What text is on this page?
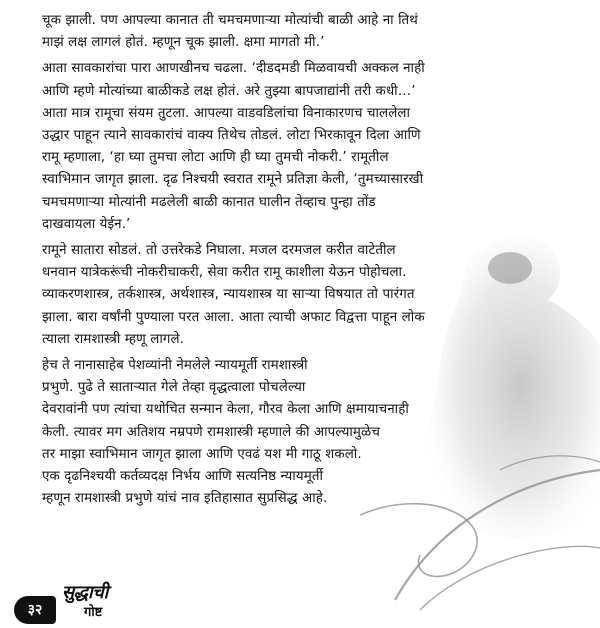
चूक झाली. पण आपल्या कानात ती चमचमणाऱ्या मोत्यांची बाळी आहे ना तिथं
माझं लक्ष लागलं होतं. म्हणून चूक झाली. क्षमा मागतो मी.’

आता सावकारांचा पारा आणखीनच चढला. ‘दीडदमडी मिळवायची अक्कल नाही
आणि म्हणे मोत्यांच्या बाळीकडे लक्ष होतं. अरे तुझ्या बापजाद्यांनी तरी कधी…’
आता मात्र रामूचा संयम तुटला. आपल्या वाडवडिलांचा विनाकारणच चाललेला
उद्धार पाहून त्याने सावकारांचं वाक्य तिथेच तोडलं. लोटा भिरकावून दिला आणि
रामू म्हणाला, ‘हा घ्या तुमचा लोटा आणि ही घ्या तुमची नोकरी.’ रामूतील
स्वाभिमान जागृत झाला. दृढ निश्चयी स्वरात रामूने प्रतिज्ञा केली, ‘तुमच्यासारखी
चमचमणाऱ्या मोत्यांनी मढलेली बाळी कानात घालीन तेव्हाच पुन्हा तोंड
दाखवायला येईन.’

रामूने सातारा सोडलं. तो उत्तरेकडे निघाला. मजल दरमजल करीत वाटेतील
धनवान यात्रेकरूंची नोकरीचाकरी, सेवा करीत रामू काशीला येऊन पोहोचला.
व्याकरणशास्त्र, तर्कशास्त्र, अर्थशास्त्र, न्यायशास्त्र या साऱ्या विषयात तो पारंगत
झाला. बारा वर्षांनी पुण्याला परत आला. आता त्याची अफाट विद्वत्ता पाहून लोक
त्याला रामशास्त्री म्हणू लागले.

हेच ते नानासाहेब पेशव्यांनी नेमलेले न्यायमूर्ती रामशास्त्री
प्रभुणे. पुढे ते साताऱ्यात गेले तेव्हा वृद्धत्वाला पोचलेल्या
देवरावांनी पण त्यांचा यथोचित सन्मान केला, गौरव केला आणि क्षमायाचनाही
केली. त्यावर मग अतिशय नम्रपणे रामशास्त्री म्हणाले की आपल्यामुळेच
तर माझा स्वाभिमान जागृत झाला आणि एवढं यश मी गाठू शकलो.
एक दृढनिश्चयी कर्तव्यदक्ष निर्भय आणि सत्यनिष्ठ न्यायमूर्ती
म्हणून रामशास्त्री प्रभुणे यांचं नाव इतिहासात सुप्रसिद्ध आहे.

३२
सुद्धाची
गोष्ट
